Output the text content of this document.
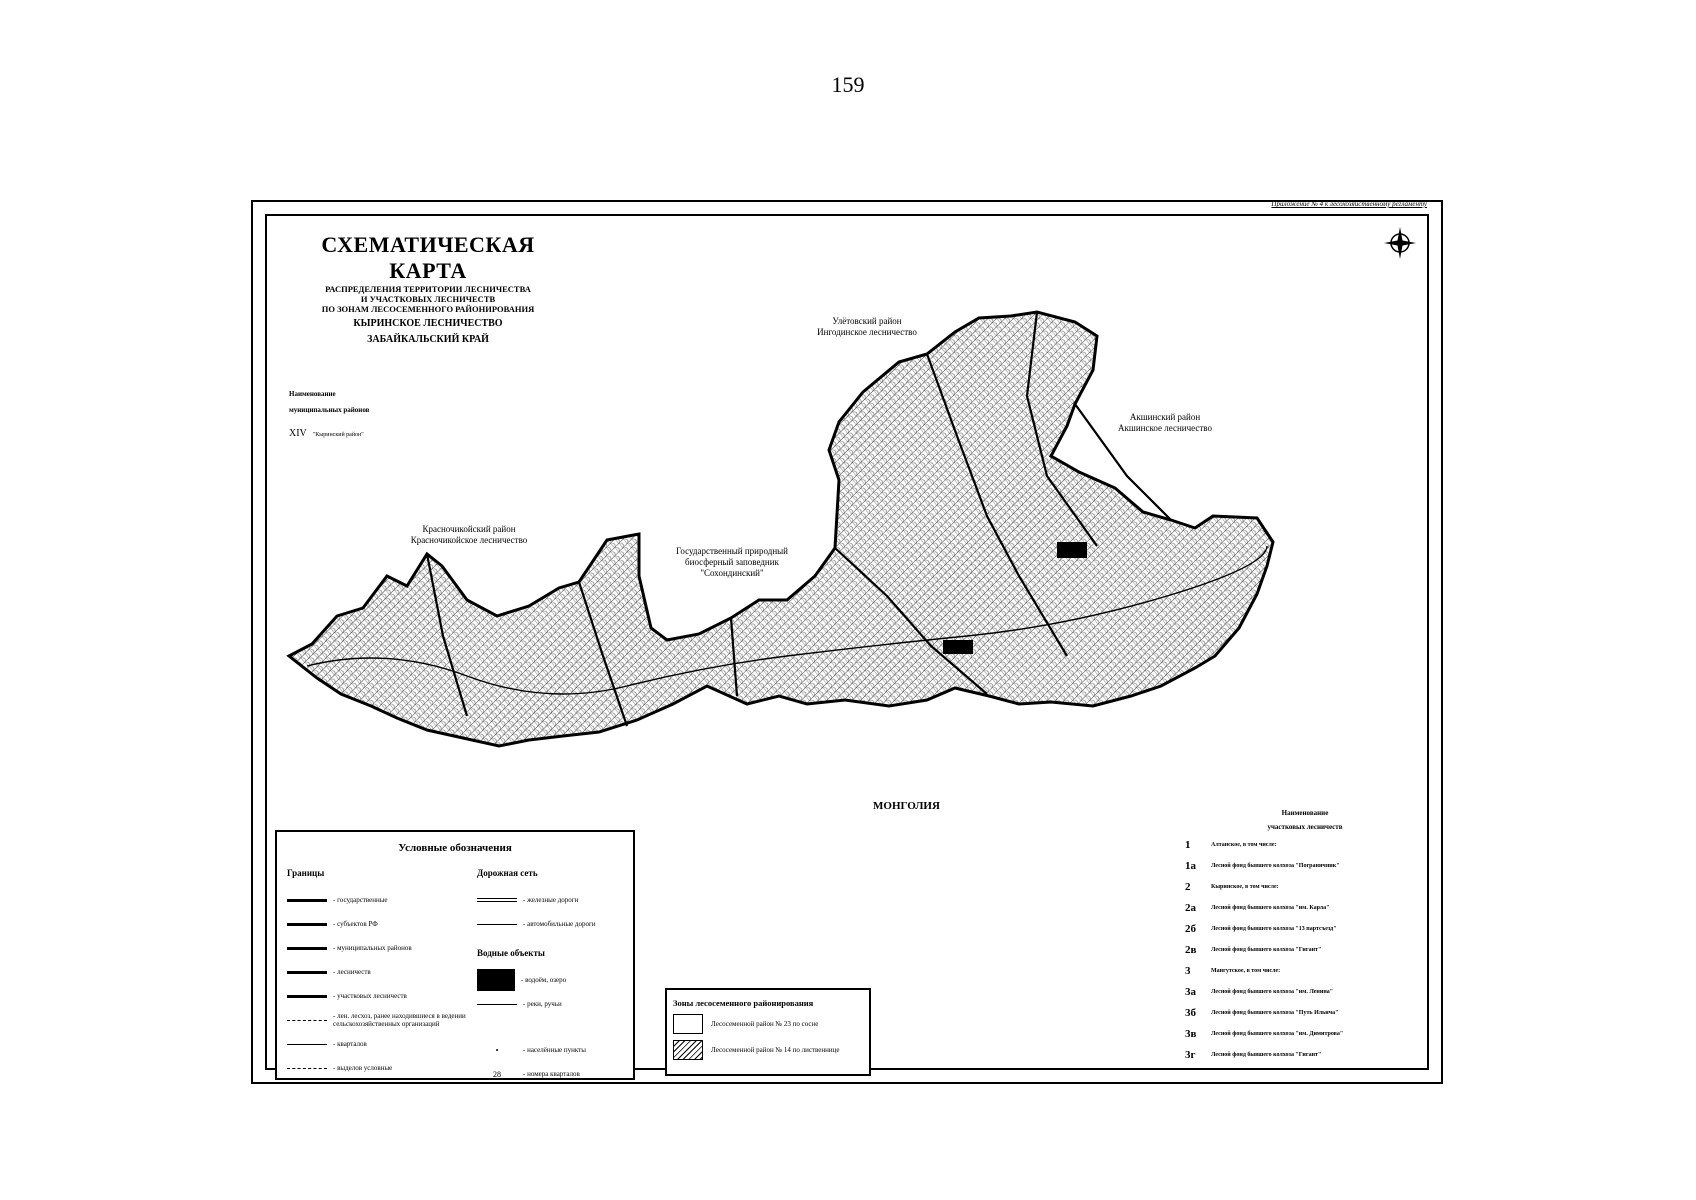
159
Приложение № 4 к лесохозяйственному регламенту
СХЕМАТИЧЕСКАЯ КАРТА
РАСПРЕДЕЛЕНИЯ ТЕРРИТОРИИ ЛЕСНИЧЕСТВА
И УЧАСТКОВЫХ ЛЕСНИЧЕСТВ
ПО ЗОНАМ ЛЕСОСЕМЕННОГО РАЙОНИРОВАНИЯ
КЫРИНСКОЕ ЛЕСНИЧЕСТВО
ЗАБАЙКАЛЬСКИЙ КРАЙ
Наименование
муниципальных районов
XIV "Кыринский район"
Улётовский район
Ингодинское лесничество
Акшинский район
Акшинское лесничество
Красночикойский район
Красночикойское лесничество
Государственный природный
биосферный заповедник
"Сохондинский"
МОНГОЛИЯ
Условные обозначения
Границы
- государственные
- субъектов РФ
- муниципальных районов
- лесничеств
- участковых лесничеств
- лен. лесхоз, ранее находившиеся в ведении сельскохозяйственных организаций
- кварталов
- выделов условные
Дорожная сеть
- железные дороги
- автомобильные дороги
Водные объекты
- водоём, озеро
- реки, ручьи
•	- населённые пункты
28	- номера кварталов
Зоны лесосеменного районирования
Лесосеменной район № 23 по сосне
Лесосеменной район № 14 по лиственнице
Наименование
участковых лесничеств
1	Алтанское, в том числе:
1а	Лесной фонд бывшего колхоза "Пограничник"
2	Кыринское, в том числе:
2а	Лесной фонд бывшего колхоза "им. Карла"
2б	Лесной фонд бывшего колхоза "13 партсъезд"
2в	Лесной фонд бывшего колхоза "Гигант"
3	Мангутское, в том числе:
3а	Лесной фонд бывшего колхоза "им. Ленина"
3б	Лесной фонд бывшего колхоза "Путь Ильича"
3в	Лесной фонд бывшего колхоза "им. Димитрова"
3г	Лесной фонд бывшего колхоза "Гигант"
